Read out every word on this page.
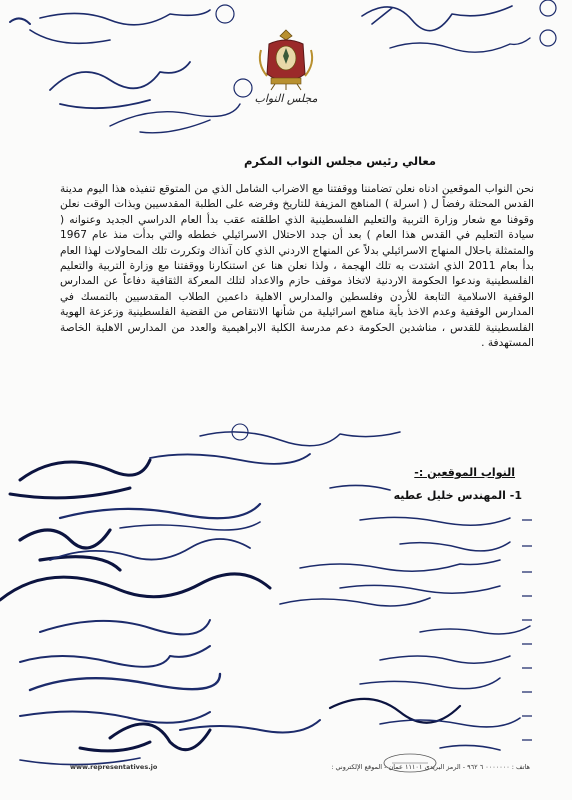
مجلس النواب
معالي رئيس مجلس النواب المكرم
نحن النواب الموقعين ادناه نعلن تضامننا ووقفتنا مع الاضراب الشامل الذي من المتوقع تنفيذه هذا اليوم مدينة القدس المحتلة رفضاً ل ( اسرلة ) المناهج المزيفة للتاريخ وفرضه على الطلبة المقدسيين وبذات الوقت نعلن وقوفنا مع شعار وزارة التربية والتعليم الفلسطينية الذي اطلقته عقب بدأ العام الدراسي الجديد وعنوانه ( سيادة التعليم في القدس هذا العام ) بعد أن جدد الاحتلال الاسرائيلي خططه والتي بدأت منذ عام 1967 والمتمثلة باحلال المنهاج الاسرائيلي بدلاً عن المنهاج الاردني الذي كان آنذاك وتكررت تلك المحاولات لهذا العام بدأ بعام 2011 الذي اشتدت به تلك الهجمة ، ولذا نعلن هنا عن استنكارنا ووقفتنا مع وزارة التربية والتعليم الفلسطينية وندعوا الحكومة الاردنية لاتخاذ موقف حازم والاعداد لتلك المعركة الثقافية دفاعاً عن المدارس الوقفية الاسلامية التابعة للأردن وفلسطين والمدارس الاهلية داعمين الطلاب المقدسيين بالتمسك في المدارس الوقفية وعدم الاخذ بأية مناهج اسرائيلية من شأنها الانتقاص من القضية الفلسطينية وزعزعة الهوية الفلسطينية للقدس ، مناشدين الحكومة دعم مدرسة الكلية الابراهيمية والعدد من المدارس الاهلية الخاصة المستهدفة .
النواب الموقعين :-
1- المهندس خليل عطيه
www.representatives.jo	هاتف : ٠٠٠٠٠٠٠ ٦ ٩٦٢ - الرمز البريدي ١١١٠١ عمان - الموقع الإلكتروني :
